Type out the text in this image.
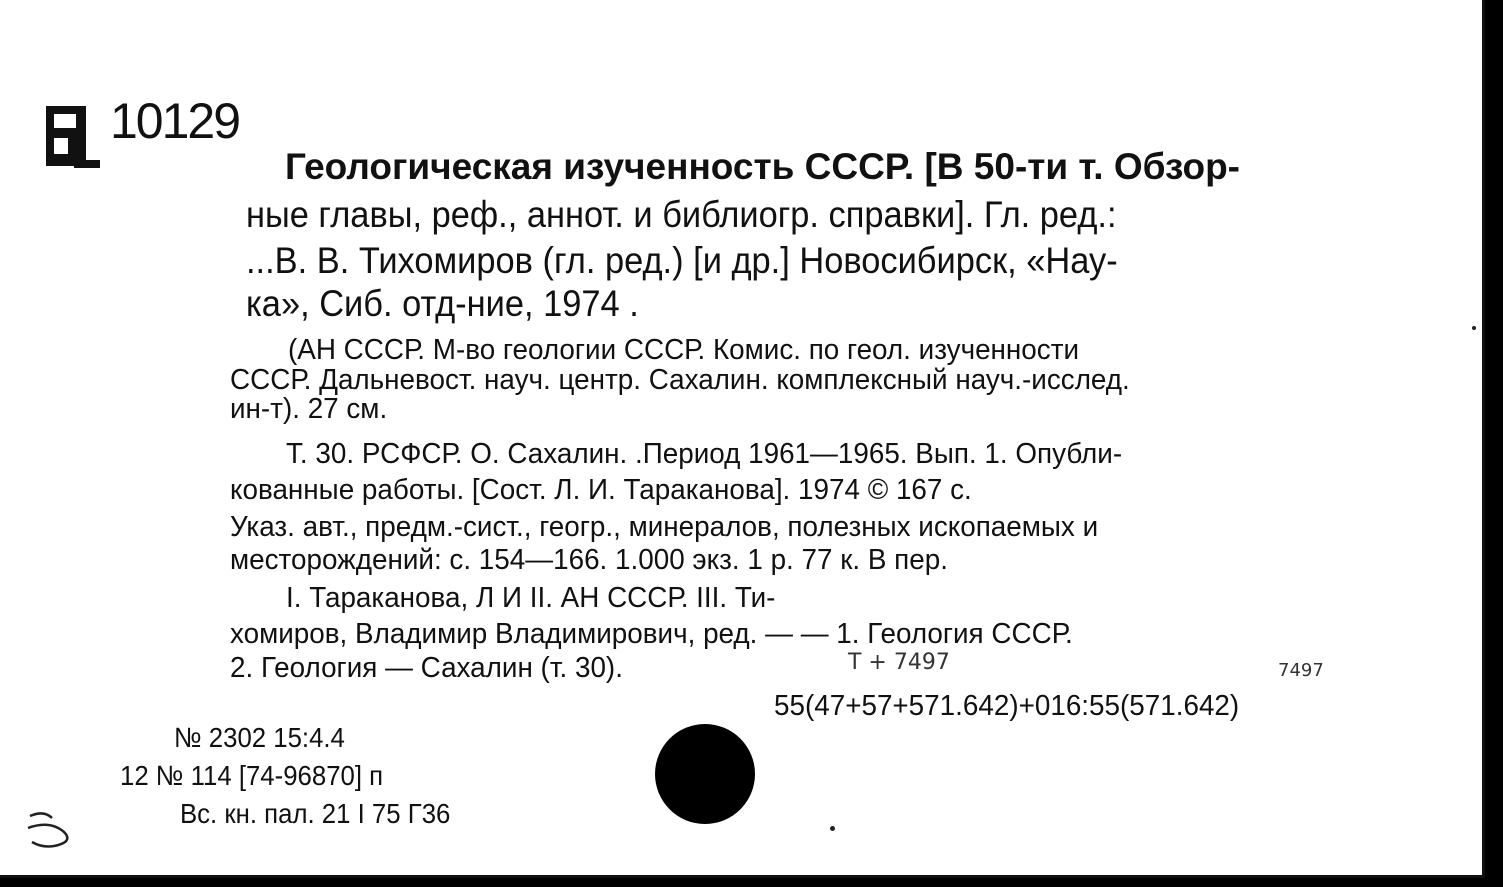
10129
Геологическая изученность СССР. [В 50-ти т. Обзор-
ные главы, реф., аннот. и библиогр. справки]. Гл. ред.:
...В. В. Тихомиров (гл. ред.) [и др.] Новосибирск, «Нау-
ка», Сиб. отд-ние, 1974 .
(АН СССР. М-во геологии СССР. Комис. по геол. изученности
СССР. Дальневост. науч. центр. Сахалин. комплексный науч.-исслед.
ин-т). 27 см.
Т. 30. РСФСР. О. Сахалин. .Период 1961—1965. Вып. 1. Опубли-
кованные работы. [Сост. Л. И. Тараканова]. 1974 © 167 с.
Указ. авт., предм.-сист., геогр., минералов, полезных ископаемых и
месторождений: с. 154—166. 1.000 экз. 1 р. 77 к. В пер.
I. Тараканова, Л И II. АН СССР. III. Ти-
хомиров, Владимир Владимирович, ред. — — 1. Геология СССР.
2. Геология — Сахалин (т. 30).	Т + 7497	7497
55(47+57+571.642)+016:55(571.642)
№ 2302 15:4.4
12 № 114 [74-96870] п
Вс. кн. пал. 21 I 75 Г36
